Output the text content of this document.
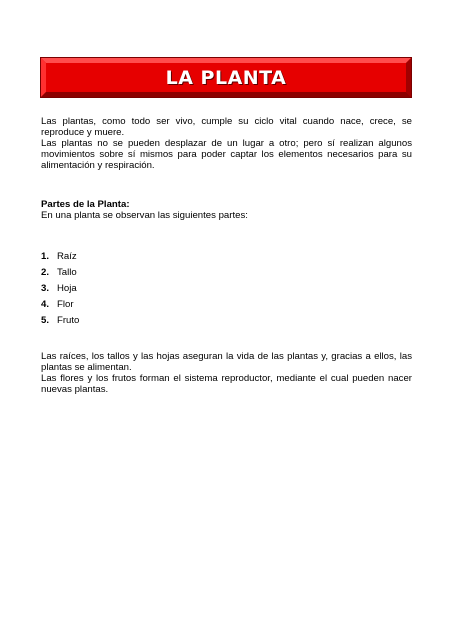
LA PLANTA

Las plantas, como todo ser vivo, cumple su ciclo vital cuando nace, crece, se reproduce y muere.

Las plantas no se pueden desplazar de un lugar a otro; pero sí realizan algunos movimientos sobre sí mismos para poder captar los elementos necesarios para su alimentación y respiración.

Partes de la Planta:

En una planta se observan las siguientes partes:

1. Raíz
2. Tallo
3. Hoja
4. Flor
5. Fruto

Las raíces, los tallos y las hojas aseguran la vida de las plantas y, gracias a ellos, las plantas se alimentan.

Las flores y los frutos forman el sistema reproductor, mediante el cual pueden nacer nuevas plantas.
